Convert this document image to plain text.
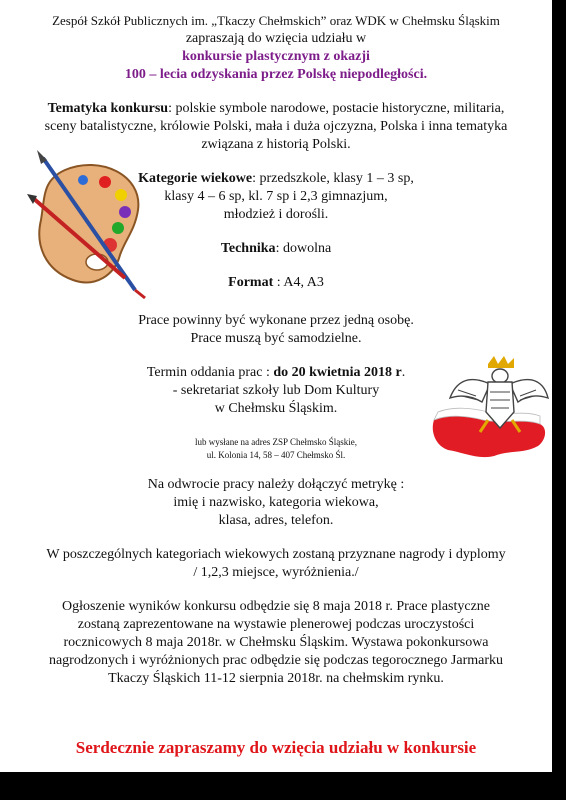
Zespół Szkół Publicznych im. „Tkaczy Chełmskich” oraz WDK w Chełmsku Śląskim

zapraszają do wzięcia udziału w

konkursie plastycznym z okazji

100 – lecia odzyskania przez Polskę niepodległości.

Tematyka konkursu: polskie symbole narodowe, postacie historyczne, militaria,

sceny batalistyczne, królowie Polski, mała i duża ojczyzna, Polska i inna tematyka

związana z historią Polski.

Kategorie wiekowe: przedszkole, klasy 1 – 3 sp,

klasy 4 – 6 sp, kl. 7 sp i 2,3 gimnazjum,

młodzież i dorośli.

Technika: dowolna

Format : A4, A3

Prace powinny być wykonane przez jedną osobę.

Prace muszą być samodzielne.

Termin oddania prac : do 20 kwietnia 2018 r.

- sekretariat szkoły lub Dom Kultury

w Chełmsku Śląskim.

lub wysłane na adres ZSP Chełmsko Śląskie,

ul. Kolonia 14, 58 – 407 Chełmsko Śl.

Na odwrocie pracy należy dołączyć metrykę :

imię i nazwisko, kategoria wiekowa,

klasa, adres, telefon.

W poszczególnych kategoriach wiekowych zostaną przyznane nagrody i dyplomy

/ 1,2,3 miejsce, wyróżnienia./

Ogłoszenie wyników konkursu odbędzie się 8 maja 2018 r. Prace plastyczne

zostaną zaprezentowane na wystawie plenerowej podczas uroczystości

rocznicowych 8 maja 2018r. w Chełmsku Śląskim. Wystawa pokonkursowa

nagrodzonych i wyróżnionych prac odbędzie się podczas tegorocznego Jarmarku

Tkaczy Śląskich 11-12 sierpnia 2018r. na chełmskim rynku.

Serdecznie zapraszamy do wzięcia udziału w konkursie
